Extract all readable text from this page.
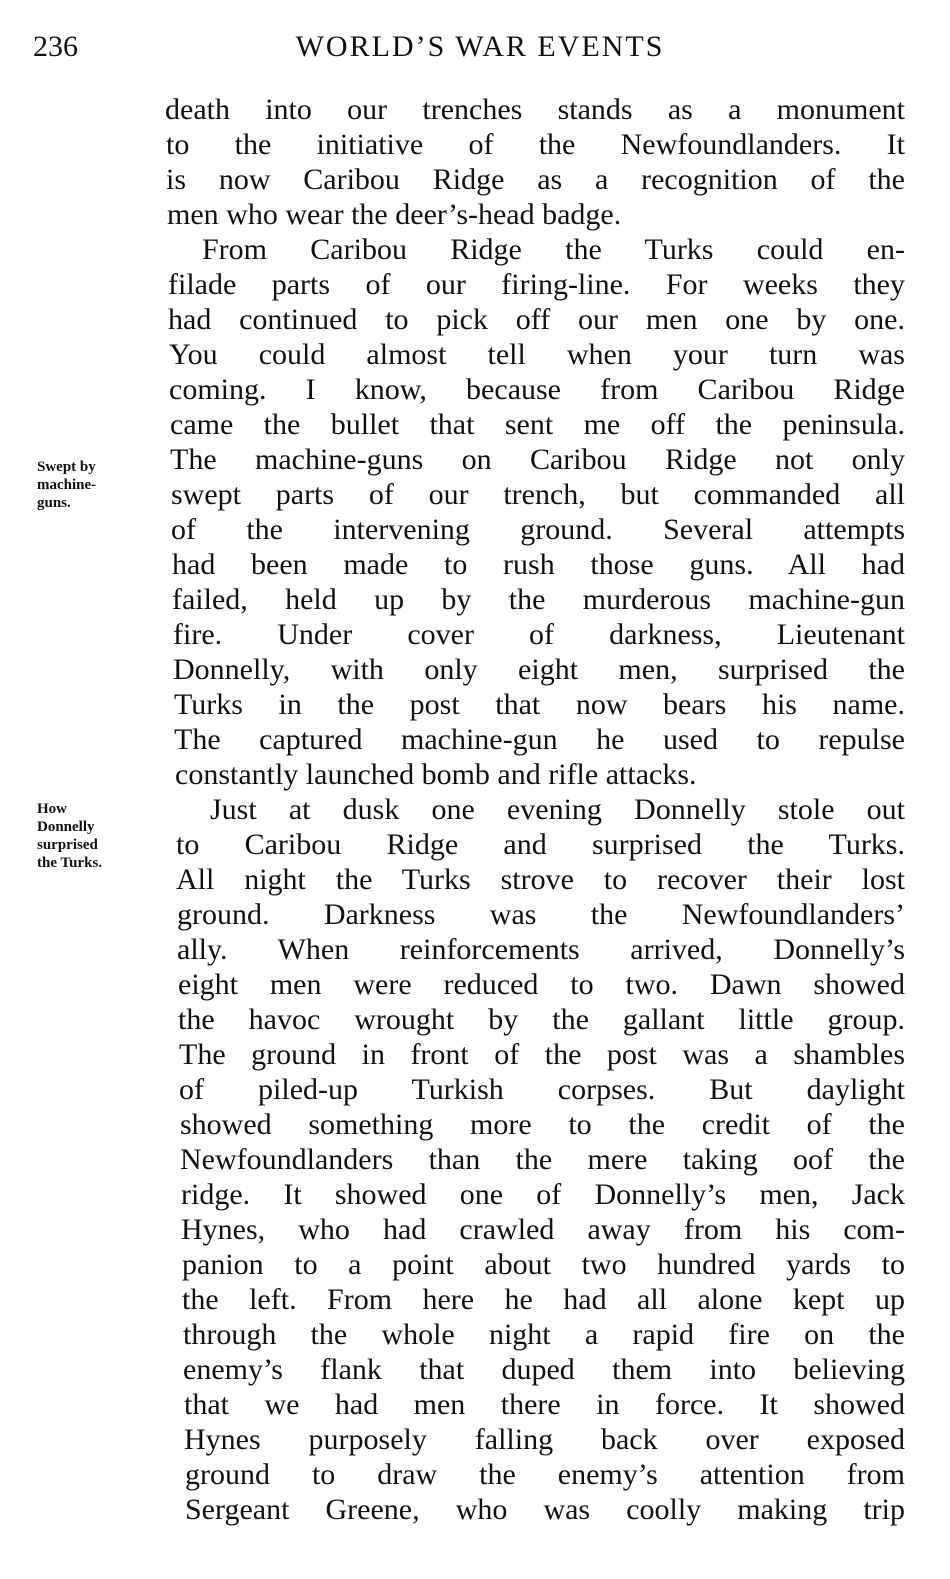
236	WORLD’S WAR EVENTS
Swept by
machine-
guns.
How
Donnelly
surprised
the Turks.
death into our trenches stands as a monument
to the initiative of the Newfoundlanders. It
is now Caribou Ridge as a recognition of the
men who wear the deer’s-head badge.
From Caribou Ridge the Turks could en-
filade parts of our firing-line. For weeks they
had continued to pick off our men one by one.
You could almost tell when your turn was
coming. I know, because from Caribou Ridge
came the bullet that sent me off the peninsula.
The machine-guns on Caribou Ridge not only
swept parts of our trench, but commanded all
of the intervening ground. Several attempts
had been made to rush those guns. All had
failed, held up by the murderous machine-gun
fire. Under cover of darkness, Lieutenant
Donnelly, with only eight men, surprised the
Turks in the post that now bears his name.
The captured machine-gun he used to repulse
constantly launched bomb and rifle attacks.
Just at dusk one evening Donnelly stole out
to Caribou Ridge and surprised the Turks.
All night the Turks strove to recover their lost
ground. Darkness was the Newfoundlanders’
ally. When reinforcements arrived, Donnelly’s
eight men were reduced to two. Dawn showed
the havoc wrought by the gallant little group.
The ground in front of the post was a shambles
of piled-up Turkish corpses. But daylight
showed something more to the credit of the
Newfoundlanders than the mere taking oof the
ridge. It showed one of Donnelly’s men, Jack
Hynes, who had crawled away from his com-
panion to a point about two hundred yards to
the left. From here he had all alone kept up
through the whole night a rapid fire on the
enemy’s flank that duped them into believing
that we had men there in force. It showed
Hynes purposely falling back over exposed
ground to draw the enemy’s attention from
Sergeant Greene, who was coolly making trip
